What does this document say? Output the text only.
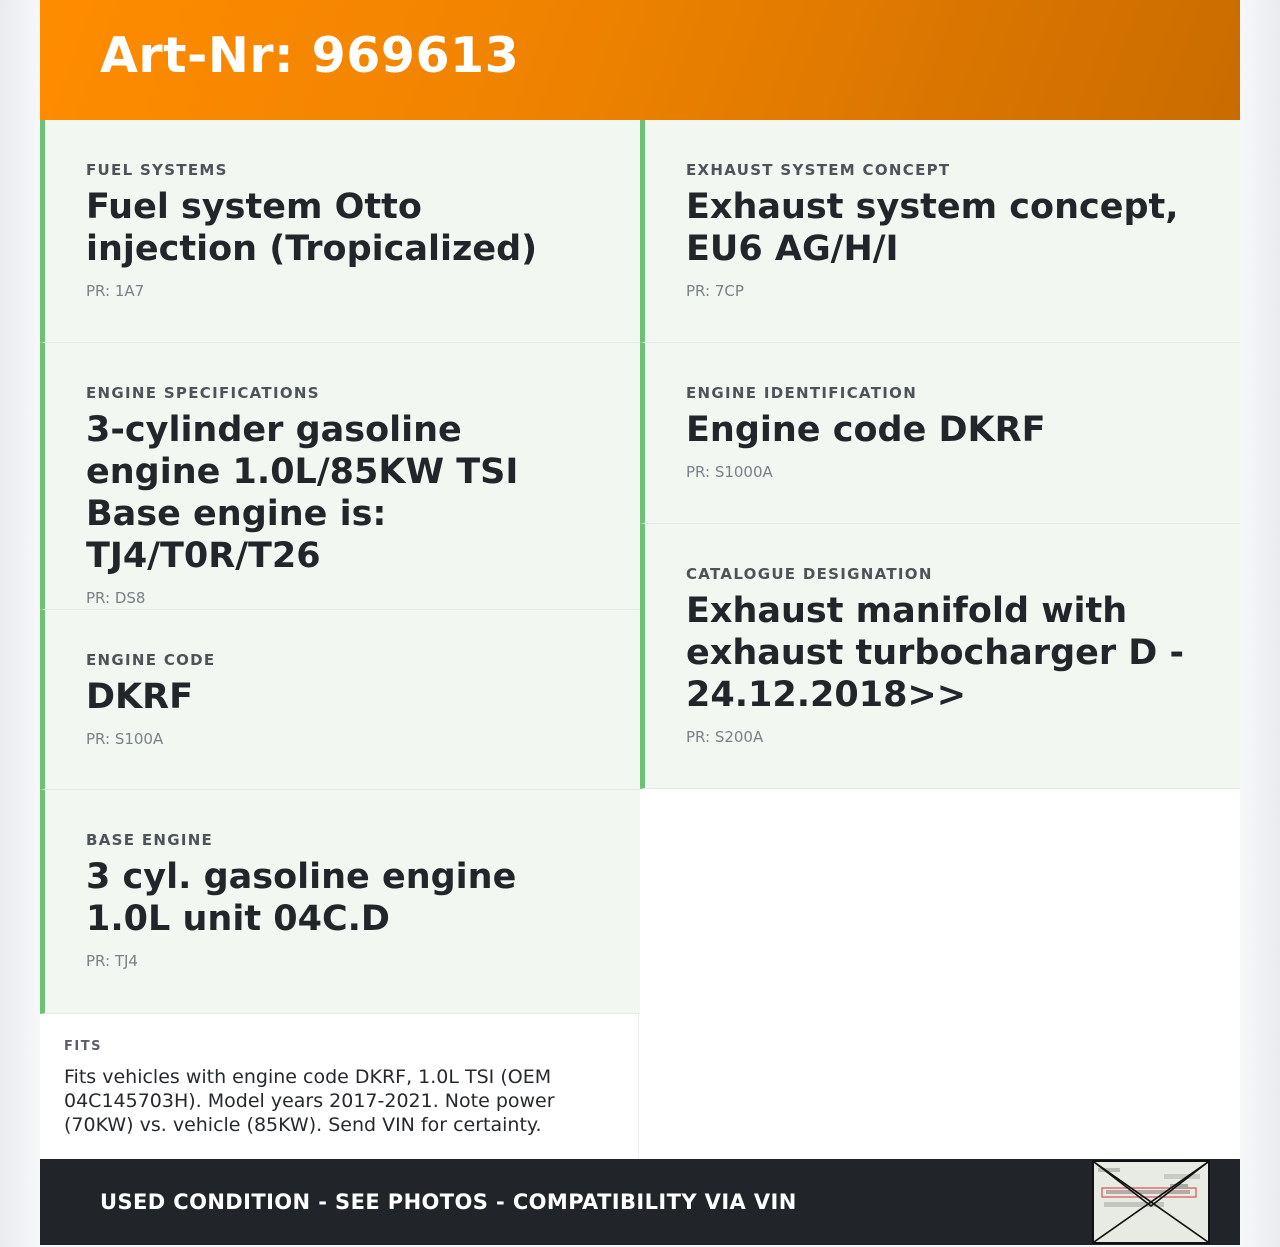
Art-Nr: 969613
FUEL SYSTEMS
Fuel system Otto injection (Tropicalized)
PR: 1A7
ENGINE SPECIFICATIONS
3-cylinder gasoline engine 1.0L/85KW TSI Base engine is: TJ4/T0R/T26
PR: DS8
ENGINE CODE
DKRF
PR: S100A
BASE ENGINE
3 cyl. gasoline engine 1.0L unit 04C.D
PR: TJ4
EXHAUST SYSTEM CONCEPT
Exhaust system concept, EU6 AG/H/I
PR: 7CP
ENGINE IDENTIFICATION
Engine code DKRF
PR: S1000A
CATALOGUE DESIGNATION
Exhaust manifold with exhaust turbocharger D - 24.12.2018>>
PR: S200A
FITS
Fits vehicles with engine code DKRF, 1.0L TSI (OEM 04C145703H). Model years 2017-2021. Note power (70KW) vs. vehicle (85KW). Send VIN for certainty.
USED CONDITION - SEE PHOTOS - COMPATIBILITY VIA VIN
